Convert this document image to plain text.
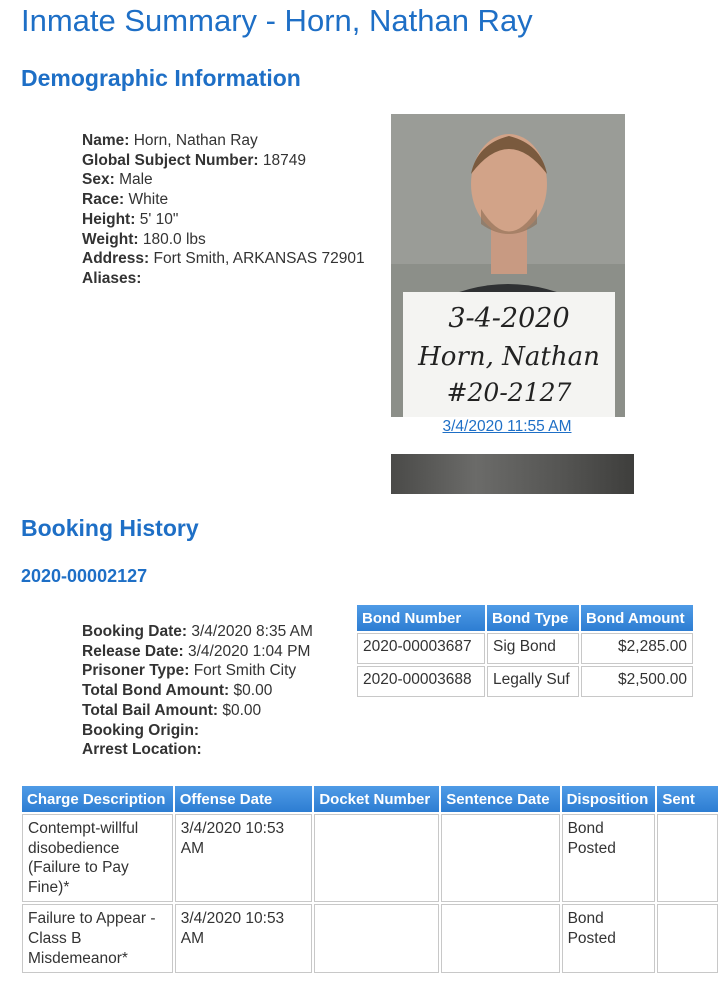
Inmate Summary - Horn, Nathan Ray
Demographic Information
Name: Horn, Nathan Ray
Global Subject Number: 18749
Sex: Male
Race: White
Height: 5' 10"
Weight: 180.0 lbs
Address: Fort Smith, ARKANSAS 72901
Aliases:
3-4-2020
Horn, Nathan
#20-2127
3/4/2020 11:55 AM
Booking History
2020-00002127
Booking Date: 3/4/2020 8:35 AM
Release Date: 3/4/2020 1:04 PM
Prisoner Type: Fort Smith City
Total Bond Amount: $0.00
Total Bail Amount: $0.00
Booking Origin:
Arrest Location:
Bond Number	Bond Type	Bond Amount
2020-00003687	Sig Bond	$2,285.00
2020-00003688	Legally Suf	$2,500.00
Charge Description	Offense Date	Docket Number	Sentence Date	Disposition	Sent
Contempt-willful disobedience (Failure to Pay Fine)*	3/4/2020 10:53 AM			Bond Posted	
Failure to Appear - Class B Misdemeanor*	3/4/2020 10:53 AM			Bond Posted	
